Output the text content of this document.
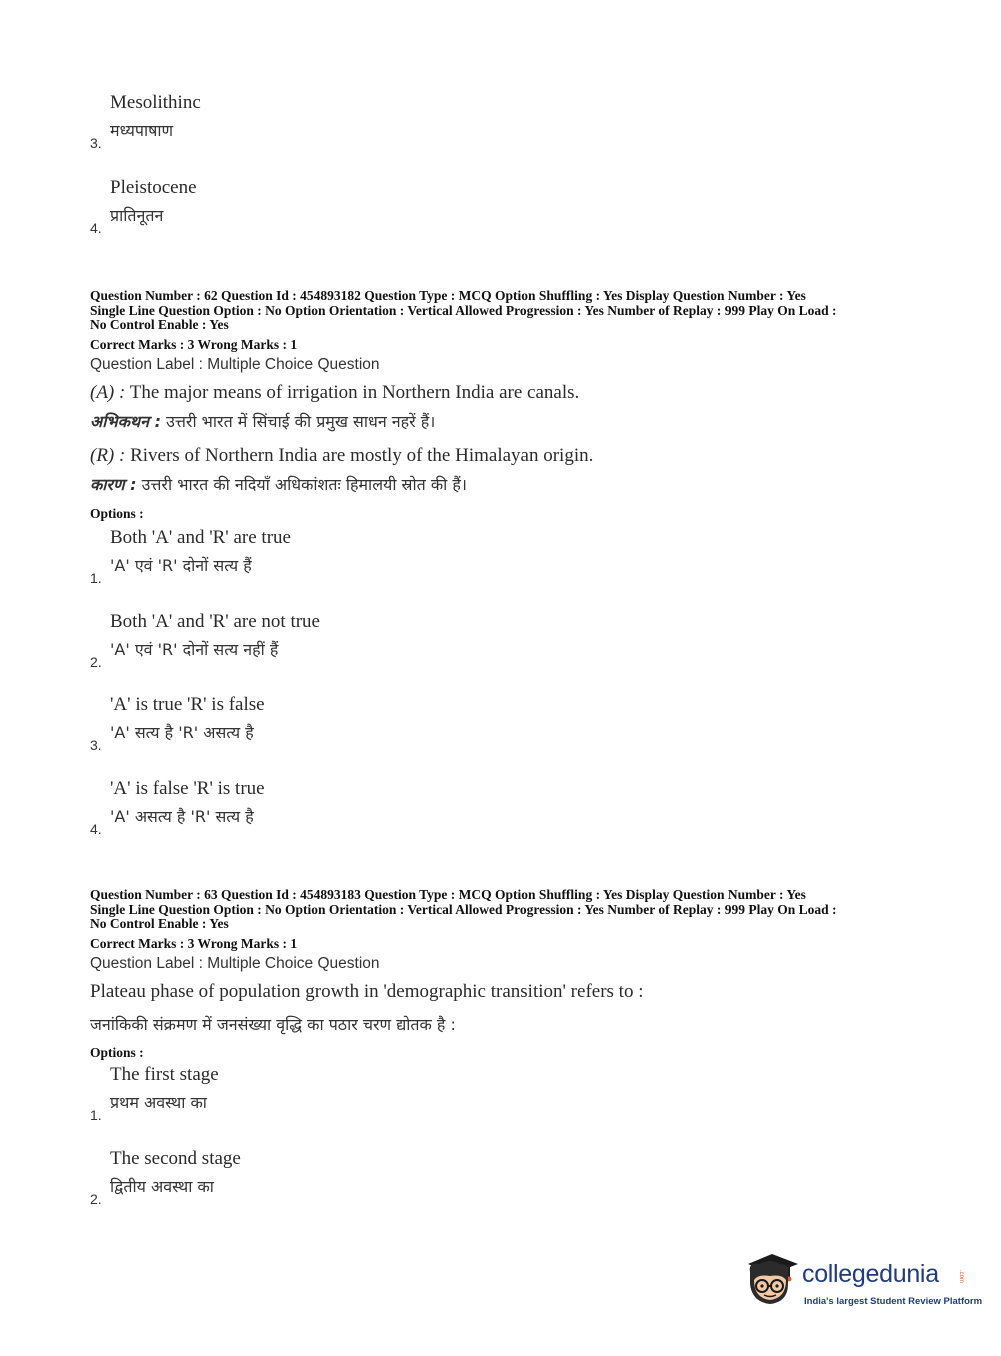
Mesolithinc
मध्यपाषाण
3.
Pleistocene
प्रातिनूतन
4.
Question Number : 62 Question Id : 454893182 Question Type : MCQ Option Shuffling : Yes Display Question Number : Yes
Single Line Question Option : No Option Orientation : Vertical Allowed Progression : Yes Number of Replay : 999 Play On Load :
No Control Enable : Yes
Correct Marks : 3 Wrong Marks : 1
Question Label : Multiple Choice Question
(A) : The major means of irrigation in Northern India are canals.
अभिकथन : उत्तरी भारत में सिंचाई की प्रमुख साधन नहरें हैं।
(R) : Rivers of Northern India are mostly of the Himalayan origin.
कारण : उत्तरी भारत की नदियाँ अधिकांशतः हिमालयी स्रोत की हैं।
Options :
Both 'A' and 'R' are true
'A' एवं 'R' दोनों सत्य हैं
1.
Both 'A' and 'R' are not true
'A' एवं 'R' दोनों सत्य नहीं हैं
2.
'A' is true 'R' is false
'A' सत्य है 'R' असत्य है
3.
'A' is false 'R' is true
'A' असत्य है 'R' सत्य है
4.
Question Number : 63 Question Id : 454893183 Question Type : MCQ Option Shuffling : Yes Display Question Number : Yes
Single Line Question Option : No Option Orientation : Vertical Allowed Progression : Yes Number of Replay : 999 Play On Load :
No Control Enable : Yes
Correct Marks : 3 Wrong Marks : 1
Question Label : Multiple Choice Question
Plateau phase of population growth in 'demographic transition' refers to :
जनांकिकी संक्रमण में जनसंख्या वृद्धि का पठार चरण द्योतक है :
Options :
The first stage
प्रथम अवस्था का
1.
The second stage
द्वितीय अवस्था का
2.
collegedunia	.com
India's largest Student Review Platform
